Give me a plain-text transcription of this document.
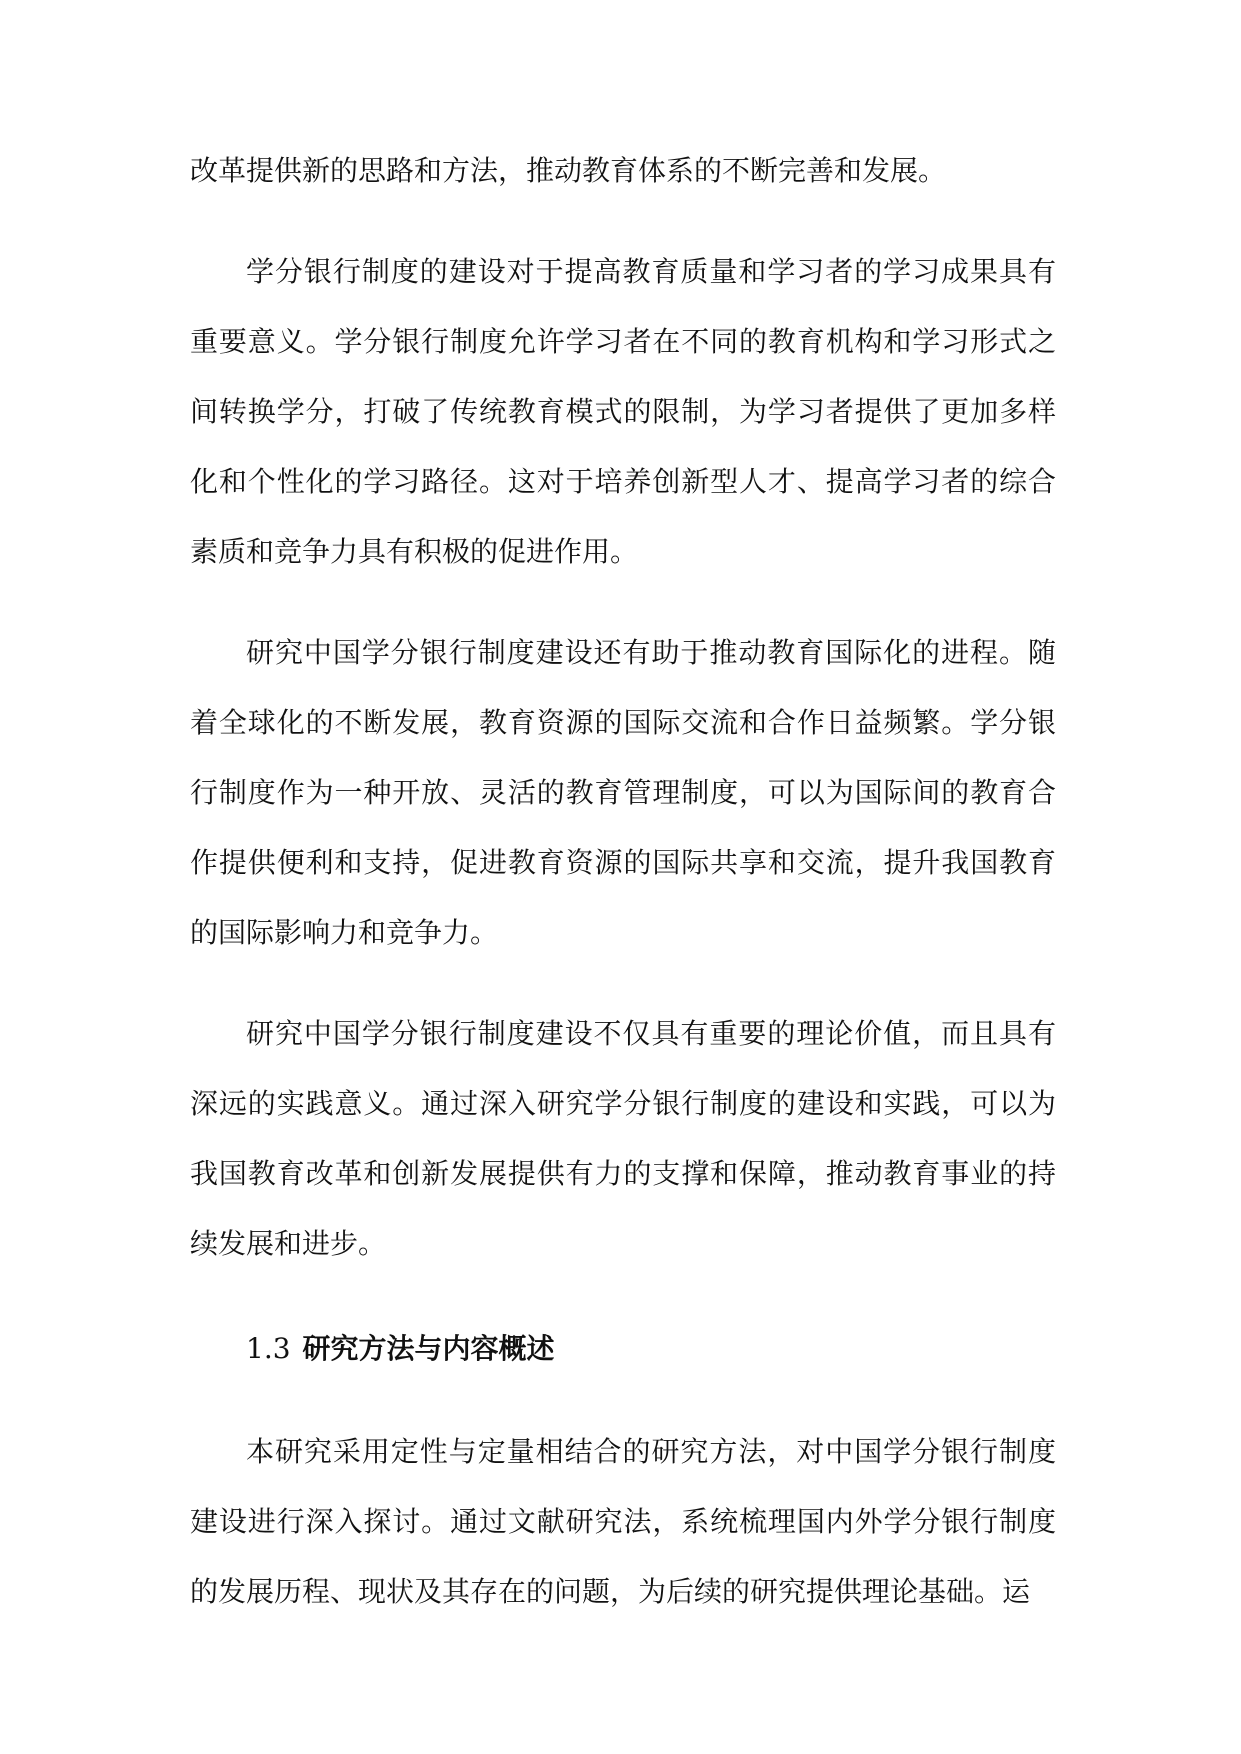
改革提供新的思路和方法，推动教育体系的不断完善和发展。

学分银行制度的建设对于提高教育质量和学习者的学习成果具有重要意义。学分银行制度允许学习者在不同的教育机构和学习形式之间转换学分，打破了传统教育模式的限制，为学习者提供了更加多样化和个性化的学习路径。这对于培养创新型人才、提高学习者的综合素质和竞争力具有积极的促进作用。

研究中国学分银行制度建设还有助于推动教育国际化的进程。随着全球化的不断发展，教育资源的国际交流和合作日益频繁。学分银行制度作为一种开放、灵活的教育管理制度，可以为国际间的教育合作提供便利和支持，促进教育资源的国际共享和交流，提升我国教育的国际影响力和竞争力。

研究中国学分银行制度建设不仅具有重要的理论价值，而且具有深远的实践意义。通过深入研究学分银行制度的建设和实践，可以为我国教育改革和创新发展提供有力的支撑和保障，推动教育事业的持续发展和进步。

1.3 研究方法与内容概述

本研究采用定性与定量相结合的研究方法，对中国学分银行制度建设进行深入探讨。通过文献研究法，系统梳理国内外学分银行制度的发展历程、现状及其存在的问题，为后续的研究提供理论基础。运
